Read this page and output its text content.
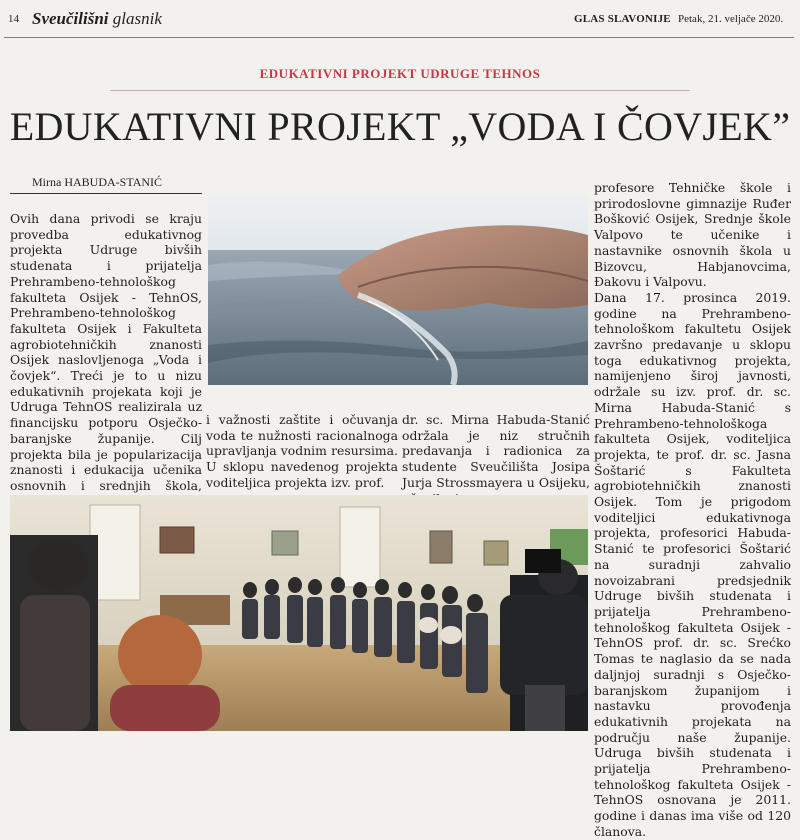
14 Sveučilišni glasnik	GLAS SLAVONIJE Petak, 21. veljače 2020.
EDUKATIVNI PROJEKT UDRUGE TEHNOS
EDUKATIVNI PROJEKT „VODA I ČOVJEK”
Mirna HABUDA-STANIĆ

Ovih dana privodi se kraju provedba edukativnog projekta Udruge bivših studenata i prijatelja Prehrambeno-tehnološkog fakulteta Osijek - TehnOS, Prehrambeno-tehnološkog fakulteta Osijek i Fakulteta agrobiotehničkih znanosti Osijek naslovljenoga „Voda i čovjek“. Treći je to u nizu edukativnih projekata koji je Udruga TehnOS realizirala uz financijsku potporu Osječko-baranjske županije. Cilj projekta bila je popularizacija znanosti i edukacija učenika osnovnih i srednjih škola,

i važnosti zaštite i očuvanja voda te nužnosti racionalnoga upravljanja vodnim resursima. U sklopu navedenog projekta voditeljica projekta izv. prof.

dr. sc. Mirna Habuda-Stanić održala je niz stručnih predavanja i radionica za studente Sveučilišta Josipa Jurja Strossmayera u Osijeku,

profesore Tehničke škole i prirodoslovne gimnazije Ruđer Bošković Osijek, Srednje škole Valpovo te učenike i nastavnike osnovnih škola u Bizovcu, Habjanovcima, Đakovu i Valpovu.

Dana 17. prosinca 2019. godine na Prehrambeno-tehnološkom fakultetu Osijek završno predavanje u sklopu toga edukativnog projekta, namijenjeno široj javnosti, održale su izv. prof. dr. sc. Mirna Habuda-Stanić s Prehrambeno-tehnološkoga fakulteta Osijek, voditeljica projekta, te prof. dr. sc. Jasna Šoštarić s Fakulteta agrobiotehničkih znanosti Osijek. Tom je prigodom voditeljici edukativnoga projekta, profesorici Habuda-Stanić te profesorici Šoštarić na suradnji zahvalio novoizabrani predsjednik Udruge bivših studenata i prijatelja Prehrambeno-tehnološkog fakulteta Osijek - TehnOS prof. dr. sc. Srećko Tomas te naglasio da se nada daljnjoj suradnji s Osječko-baranjskom županijom i nastavku provođenja edukativnih projekata na području naše županije. Udruga bivših studenata i prijatelja Prehrambeno-tehnološkog fakulteta Osijek - TehnOS osnovana je 2011. godine i danas ima više od 120 članova.
